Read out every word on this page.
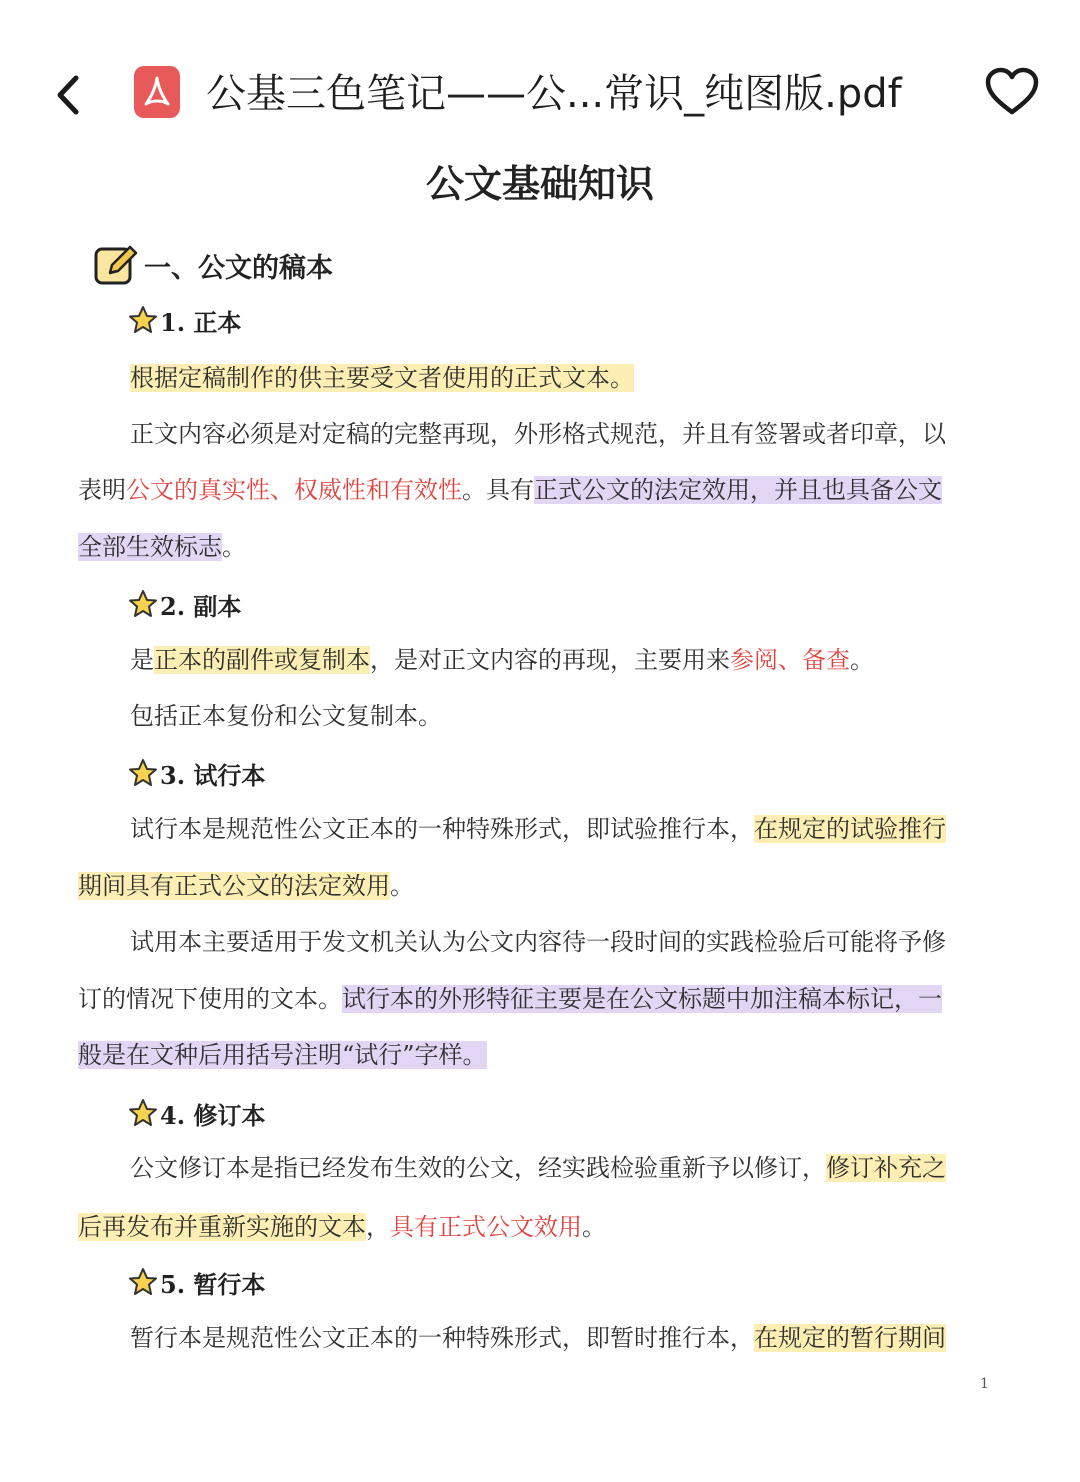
公基三色笔记——公...常识_纯图版.pdf
公文基础知识
一、公文的稿本
1. 正本
根据定稿制作的供主要受文者使用的正式文本。
正文内容必须是对定稿的完整再现，外形格式规范，并且有签署或者印章，以
表明公文的真实性、权威性和有效性。具有正式公文的法定效用，并且也具备公文
全部生效标志。
2. 副本
是正本的副件或复制本，是对正文内容的再现，主要用来参阅、备查。
包括正本复份和公文复制本。
3. 试行本
试行本是规范性公文正本的一种特殊形式，即试验推行本，在规定的试验推行
期间具有正式公文的法定效用。
试用本主要适用于发文机关认为公文内容待一段时间的实践检验后可能将予修
订的情况下使用的文本。试行本的外形特征主要是在公文标题中加注稿本标记，一
般是在文种后用括号注明“试行”字样。
4. 修订本
公文修订本是指已经发布生效的公文，经实践检验重新予以修订，修订补充之
后再发布并重新实施的文本，具有正式公文效用。
5. 暂行本
暂行本是规范性公文正本的一种特殊形式，即暂时推行本，在规定的暂行期间
1
